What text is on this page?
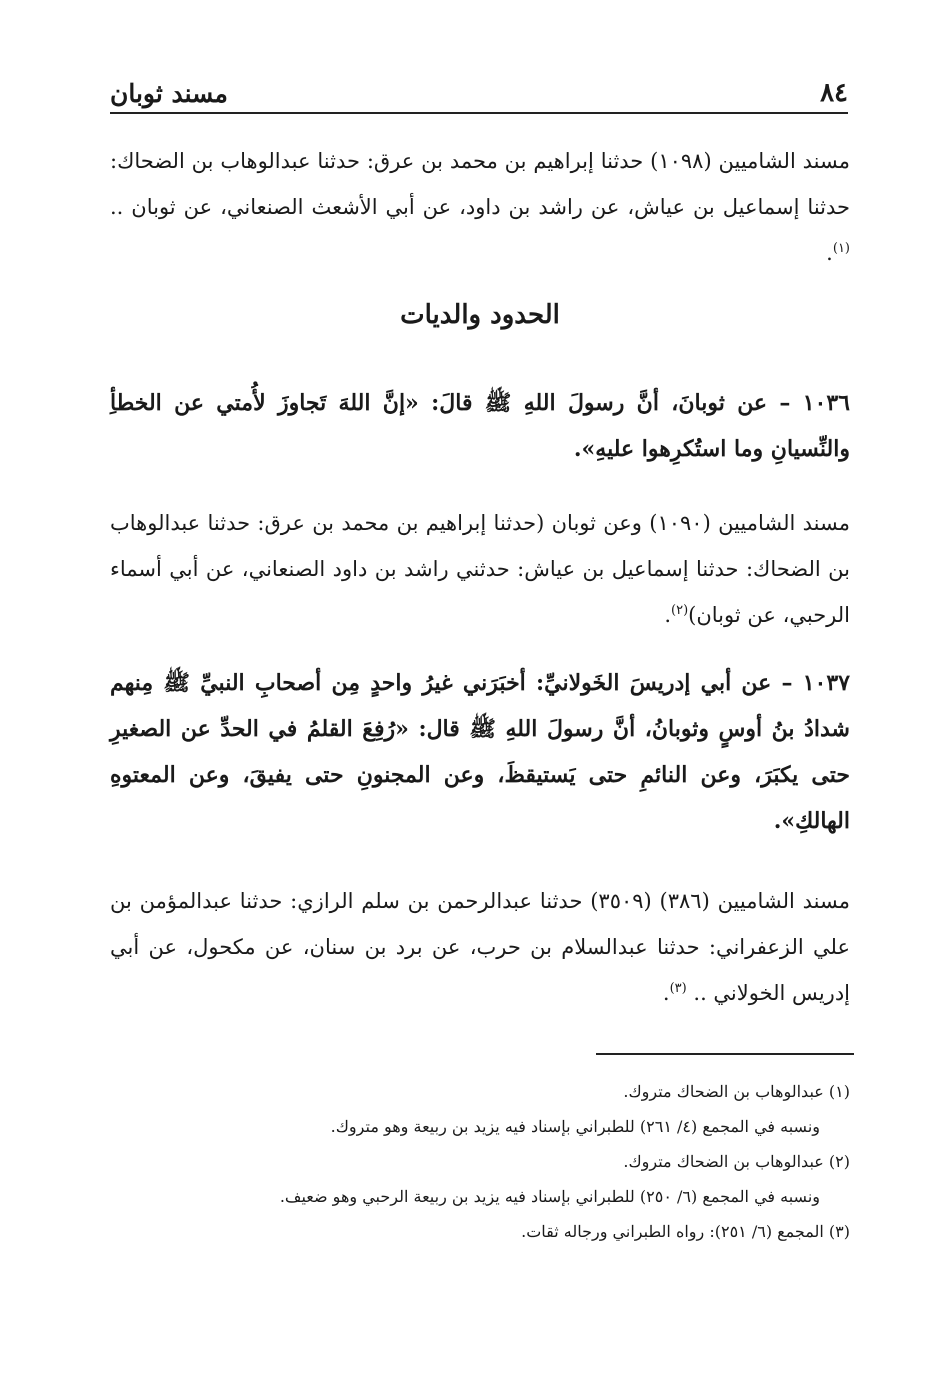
٨٤
مسند ثوبان
مسند الشاميين (١٠٩٨) حدثنا إبراهيم بن محمد بن عرق: حدثنا عبدالوهاب بن الضحاك: حدثنا إسماعيل بن عياش، عن راشد بن داود، عن أبي الأشعث الصنعاني، عن ثوبان .. $^{(١)}$.
الحدود والديات
١٠٣٦ – عن ثوبانَ، أنَّ رسولَ اللهِ ﷺ قالَ: «إنَّ اللهَ تَجاوزَ لأُمتي عن الخطأِ والنِّسيانِ وما استُكرِهوا عليهِ».
مسند الشاميين (١٠٩٠) وعن ثوبان (حدثنا إبراهيم بن محمد بن عرق: حدثنا عبدالوهاب بن الضحاك: حدثنا إسماعيل بن عياش: حدثني راشد بن داود الصنعاني، عن أبي أسماء الرحبي، عن ثوبان)$^{(٢)}$.
١٠٣٧ – عن أبي إدريسَ الخَولانيِّ: أخبَرَني غيرُ واحدٍ مِن أصحابِ النبيِّ ﷺ مِنهم شدادُ بنُ أوسٍ وثوبانُ، أنَّ رسولَ اللهِ ﷺ قال: «رُفِعَ القلمُ في الحدِّ عن الصغيرِ حتى يكبَرَ، وعن النائمِ حتى يَستيقظَ، وعن المجنونِ حتى يفيقَ، وعن المعتوهِ الهالكِ».
مسند الشاميين (٣٨٦) (٣٥٠٩) حدثنا عبدالرحمن بن سلم الرازي: حدثنا عبدالمؤمن بن علي الزعفراني: حدثنا عبدالسلام بن حرب، عن برد بن سنان، عن مكحول، عن أبي إدريس الخولاني .. $^{(٣)}$.
(١) عبدالوهاب بن الضحاك متروك.
ونسبه في المجمع (٤/ ٢٦١) للطبراني بإسناد فيه يزيد بن ربيعة وهو متروك.
(٢) عبدالوهاب بن الضحاك متروك.
ونسبه في المجمع (٦/ ٢٥٠) للطبراني بإسناد فيه يزيد بن ربيعة الرحبي وهو ضعيف.
(٣) المجمع (٦/ ٢٥١): رواه الطبراني ورجاله ثقات.
